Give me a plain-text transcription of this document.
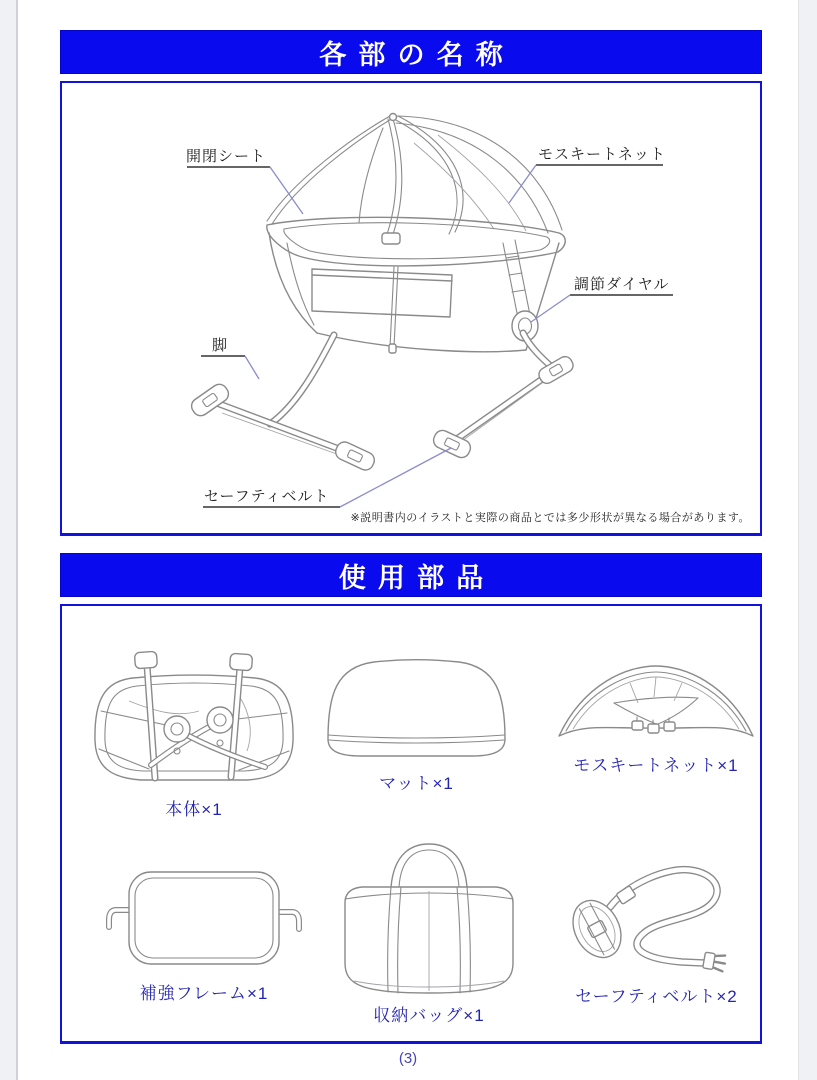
各部の名称
開閉シート	モスキートネット
調節ダイヤル
脚
セーフティベルト
※説明書内のイラストと実際の商品とでは多少形状が異なる場合があります。
使用部品
本体×1
マット×1
モスキートネット×1
補強フレーム×1
収納バッグ×1
セーフティベルト×2
(3)
